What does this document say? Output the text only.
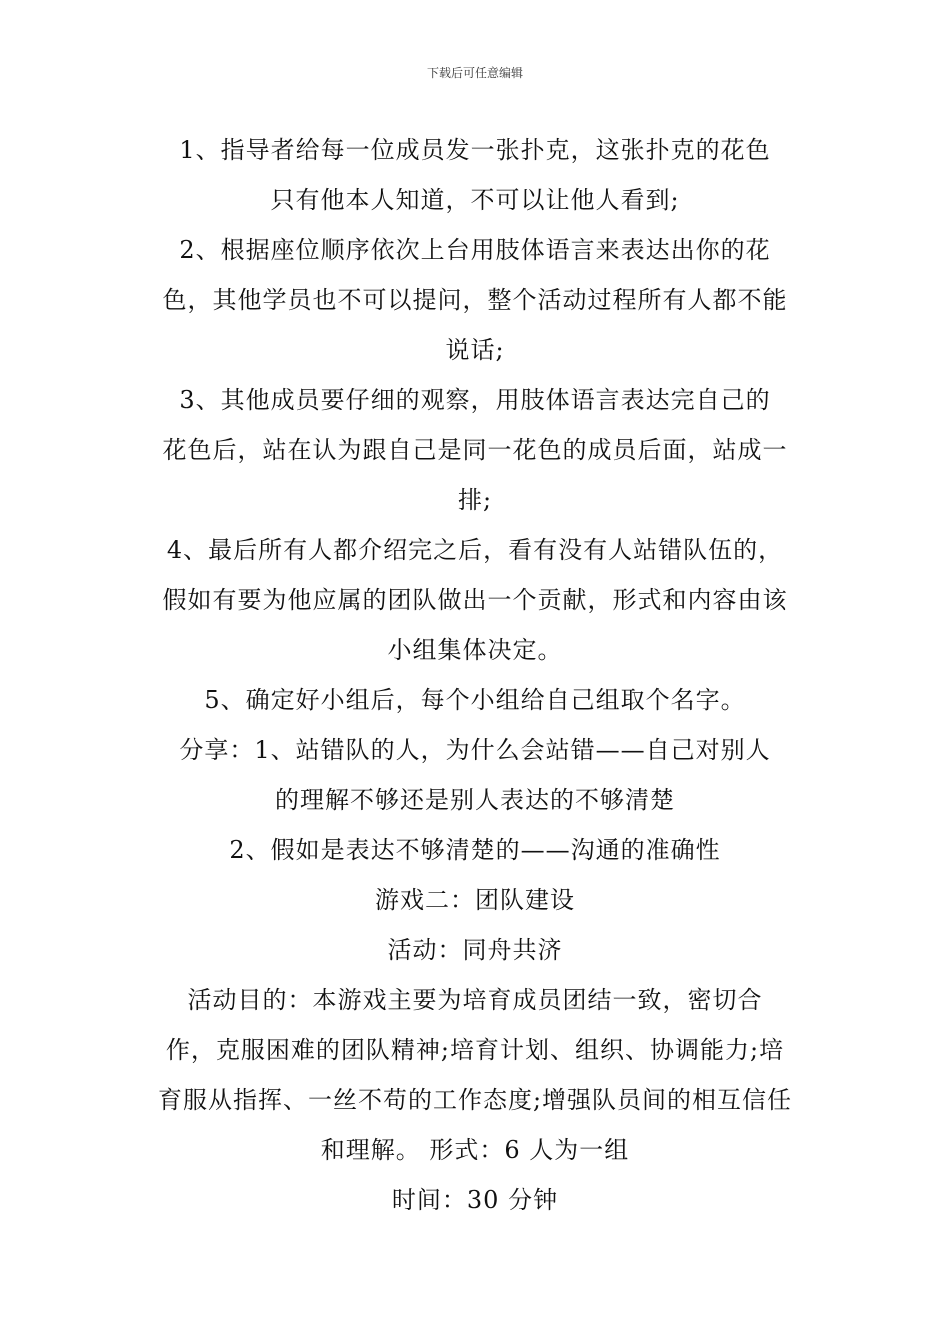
下载后可任意编辑
1、指导者给每一位成员发一张扑克，这张扑克的花色
只有他本人知道，不可以让他人看到;
2、根据座位顺序依次上台用肢体语言来表达出你的花
色，其他学员也不可以提问，整个活动过程所有人都不能
说话;
3、其他成员要仔细的观察，用肢体语言表达完自己的
花色后，站在认为跟自己是同一花色的成员后面，站成一
排;
4、最后所有人都介绍完之后，看有没有人站错队伍的，
假如有要为他应属的团队做出一个贡献，形式和内容由该
小组集体决定。
5、确定好小组后，每个小组给自己组取个名字。
分享：1、站错队的人，为什么会站错——自己对别人
的理解不够还是别人表达的不够清楚
2、假如是表达不够清楚的——沟通的准确性
游戏二：团队建设
活动：同舟共济
活动目的：本游戏主要为培育成员团结一致，密切合
作，克服困难的团队精神;培育计划、组织、协调能力;培
育服从指挥、一丝不苟的工作态度;增强队员间的相互信任
和理解。 形式：6 人为一组
时间：30 分钟
